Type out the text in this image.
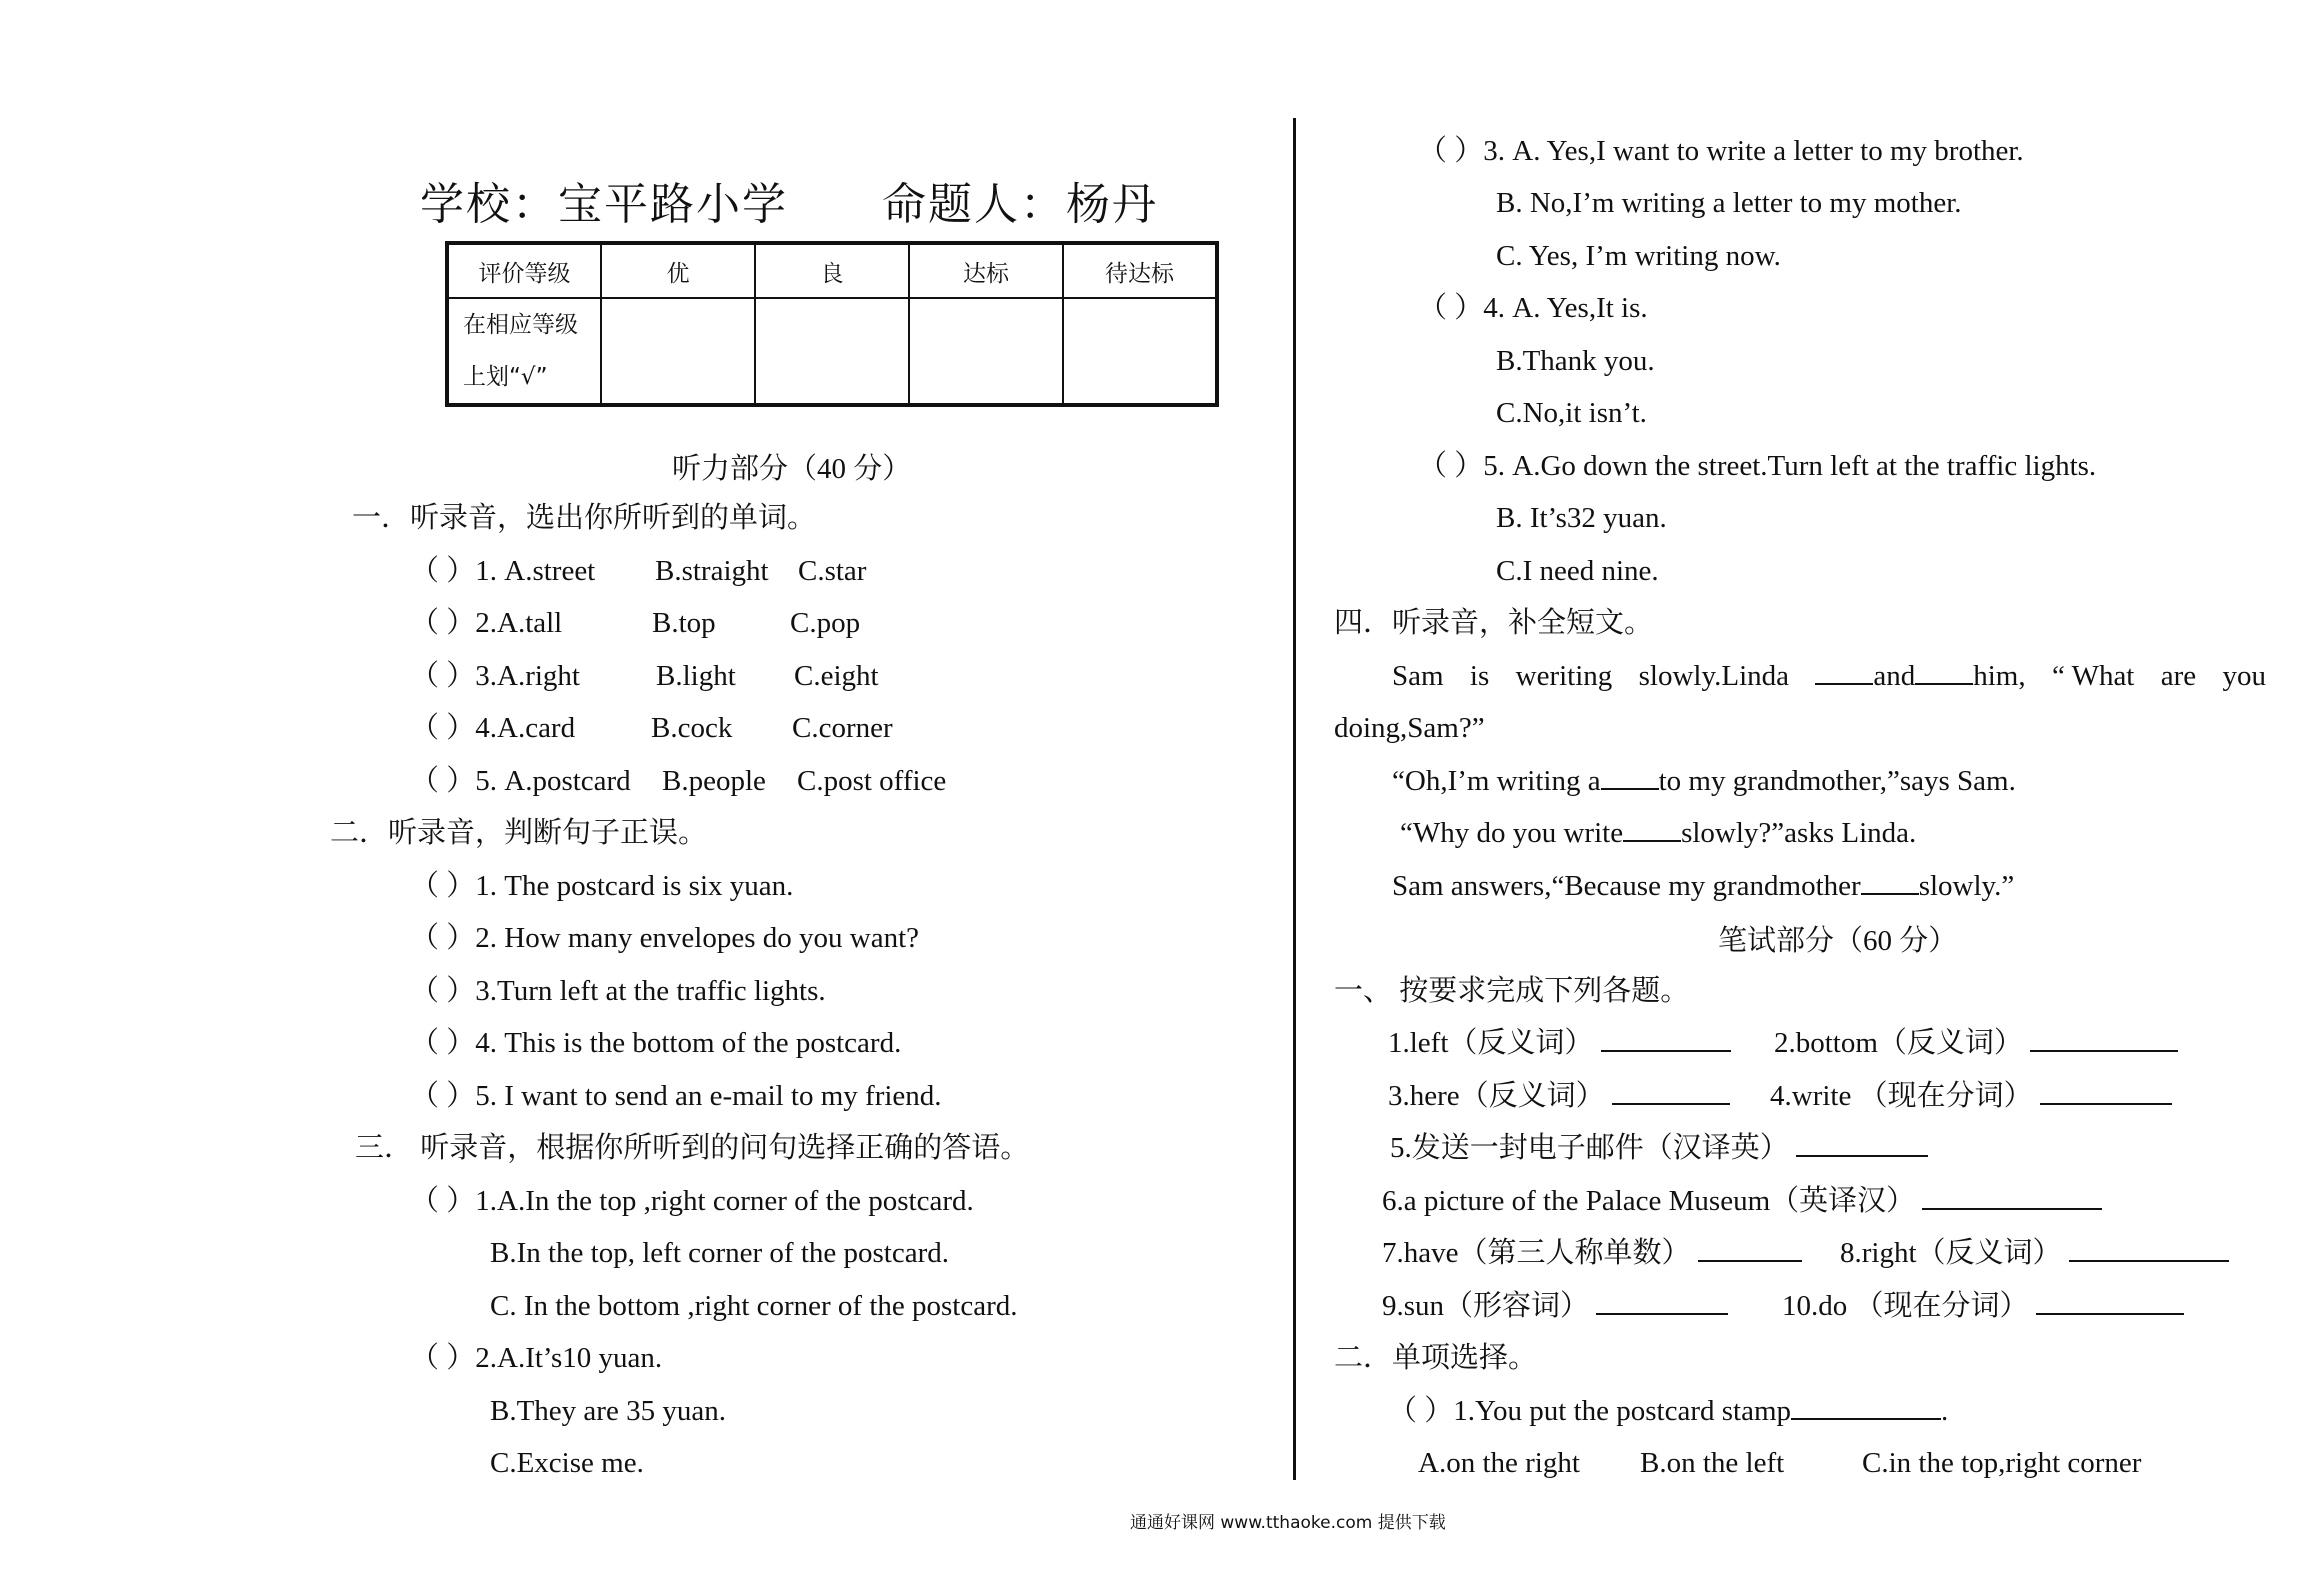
学校：宝平路小学 命题人：杨丹
评价等级	优	良	达标	待达标

在相应等级
上划“√”				

听力部分（40 分）
一．听录音，选出你所听到的单词。
（ ）1. A.street B.straight C.star
（ ）2.A.tall	B.top	C.pop
（ ）3.A.right	B.light C.eight
（ ）4.A.card	B.cock C.corner
（ ）5. A.postcard B.people C.post office
二．听录音，判断句子正误。
（ ）1. The postcard is six yuan.
（ ）2. How many envelopes do you want?
（ ）3.Turn left at the traffic lights.
（ ）4. This is the bottom of the postcard.
（ ）5. I want to send an e-mail to my friend.
三． 听录音，根据你所听到的问句选择正确的答语。
（ ）1.A.In the top ,right corner of the postcard.
B.In the top, left corner of the postcard.
C. In the bottom ,right corner of the postcard.
（ ）2.A.It’s10 yuan.
B.They are 35 yuan.
C.Excise me.
（ ）3. A. Yes,I want to write a letter to my brother.
B. No,I’m writing a letter to my mother.
C. Yes, I’m writing now.
（ ）4. A. Yes,It is.
B.Thank you.
C.No,it isn’t.
（ ）5. A.Go down the street.Turn left at the traffic lights.
B. It’s32 yuan.
C.I need nine.
四．听录音，补全短文。
Sam is weriting slowly.Linda	and him, “ What are you
doing,Sam?”
“Oh,I’m writing a to my grandmother,”says Sam.
“Why do you write slowly?”asks Linda.
Sam answers,“Because my grandmother slowly.”
笔试部分（60 分）
一、 按要求完成下列各题。
1.left（反义词）	2.bottom（反义词）
3.here（反义词）	4.write （现在分词）
5.发送一封电子邮件（汉译英）
6.a picture of the Palace Museum（英译汉）
7.have（第三人称单数）	8.right（反义词）
9.sun（形容词）	10.do （现在分词）
二．单项选择。
（ ）1.You put the postcard stamp	.
A.on the right B.on the left	C.in the top,right corner
通通好课网 www.tthaoke.com 提供下载
